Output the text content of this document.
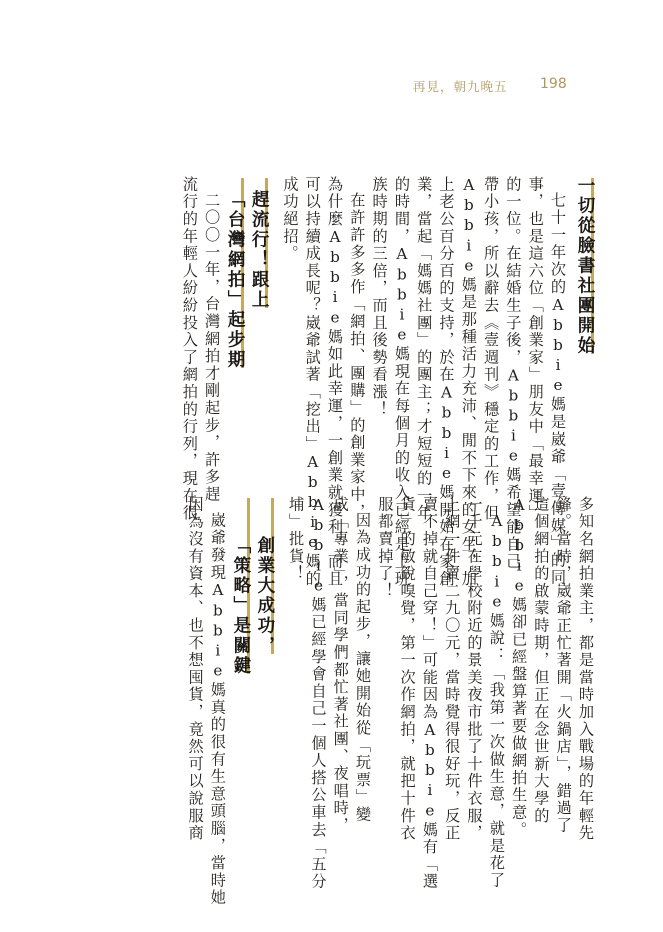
再見，朝九晚五 198
一切從臉書社團開始
七十一年次的Abbie媽是崴爺「壹傳媒」的同
事，也是這六位「創業家」朋友中「最幸運」
的一位。在結婚生子後，Abbie媽希望能自己
帶小孩，所以辭去《壹週刊》穩定的工作，但
Abbie媽是那種活力充沛、閒不下來的女生，加
上老公百分百的支持，於在Abbie媽開始在家創
業，當起「媽媽社團」的團主；才短短的一年
的時間，Abbie媽現在每個月的收入已經是上班
族時期的三倍，而且後勢看漲！
在許許多多作「網拍、團購」的創業家中，
為什麼Abbie媽如此幸運，一創業就獲利，而且
可以持續成長呢？崴爺試著「挖出」Abbie媽的
成功絕招。
趕流行！跟上
「台灣網拍」起步期
二〇〇一年，台灣網拍才剛起步，許多趕
流行的年輕人紛紛投入了網拍的行列，現在很
多知名網拍業主，都是當時加入戰場的年輕先
鋒。當時，崴爺正忙著開「火鍋店」，錯過了
這個網拍的啟蒙時期，但正在念世新大學的
Abbie媽卻已經盤算著要做網拍生意。
Abbie媽說：「我第一次做生意，就是花了
一千元在學校附近的景美夜市批了十件衣服，
上網一件賣二九〇元，當時覺得很好玩，反正
賣不掉就自己穿！」可能因為Abbie媽有「選
貨」的敏銳嗅覺，第一次作網拍，就把十件衣
服都賣掉了！
因為成功的起步，讓她開始從「玩票」變
成「專業」，當同學們都忙著社團、夜唱時，
Abbie媽已經學會自己一個人搭公車去「五分
埔」批貨！
創業大成功，
「策略」是關鍵
崴爺發現Abbie媽真的很有生意頭腦，當時她
因為沒有資本、也不想囤貨，竟然可以說服商
